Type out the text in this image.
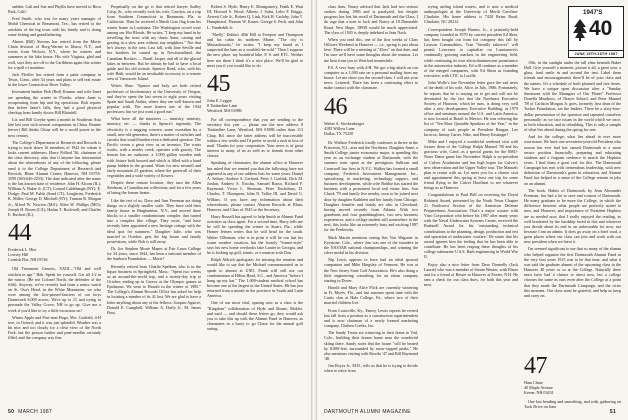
sadden. Cali and Sue and Phyllis have moved to Boca Park, Calif.

Fred Smith, who was for many years manager of Mobil Chemical in Beaumont, Tex., has retired to the outskirts of the big town with his family and is doing some fishing and grandfathering.

Almon (Bill) Stevens has retired from the Morse Chain division of Borg-Warner in Ithaca, N.Y., and writes from Wolcott, N.Y., where he winters and summers at his lake house. His wife Virginia, glad and well, says they are off to the Caribbean again this winter for a spell of sunshine.

Jack Pfeiffer has retired from a paint company in Texas, Conn., after 34 years and plans to sell real estate in the lower Connecticut River Valley.

Investment banker Bob (Red) Krumm and wife Janet are spending the winter in Florida, where Janet is recuperating from hip and leg operations. Bob reports that before Janet's falls, they had a good physical checkup from family doctor Bill Blaisdell.

Liz and Bill Greyke spent a month in Southeast Asia late last year with several companions in China. Bonnie (never) Bill thinks China will be a world power in the next century.

The College's Department of Research and Records is trying to track down 16 members of 1942 for whom it lacks current addresses. Harry Pollard '36, chairman of the class directory, asks that if anyone has information about the whereabouts of any of the following, please send it to the College Department of Research and Records, Blunt Alumni Center, Hanover, NH 03755-3590 (603-646-2253). The date indicated after the name is the last known state of residence: John H. Alcorn (IL); William A. Baker Jr. (CT); Conrad Cablebaugh (NY); E. Dodge; Paul M. Fulda (Send CT); Lougbrim; Frederick K. Miller; George D. Mitchell (NY); Truman R. Morgan Jr.; Alfred W. Newton (MA); Allen W. Phillips (MO); Joseph H. Rosen (CA); Harlan T. Rockwell; and Charles E. Ruckert (IL).

44
Frederick L. Hier
Lowsey Hill
Cornish Flat, NH 03746

Old Testament Genesis, XXIII—"Old and well stricken in age." Hah. Speak for yourself. Get all 1-2 in the mirror. (Be not Colonel North, the defender of the fifth). Anyway, we've recently had from a senior watch on St. Osa's Head, in the White Mountains, we who were among the first-passed-fanciers of our boys Dartmouth 6,000 across. We're up to 21 and trying to persuade the Valley Grove, NH to go up. Give me a week if you'd like to try a little excursion on!

Winter Apple and Post-neat Hugo, Mrs. Garfield, 4-H tree, in Oxford; and it was just splendid. Weather was a bit nice and too cloudy for a clear view of the North Fork, but the person further and pine-needles certainly filled, and the company was fine.

Perpetually on the go is that retired lawyer Sadley Crisp, Sr., who recently took his wife, Carolyn, on a trip from Southern Connecticut to Beaumont, Fla. to California. Then he received a Mardi Gras flag from his winter home in Louisiana. The Washington crowd were among our Hot Bloods. He writes, "I keep my hand in by travelling the trout with my chum Anne, casting and grazing in a slow area without any neighbors." Not that he's always in the area. Last fall, with Jane Seville and her brothers he turned up in Newfoundland, the Canadian Rockies — Banff, Jasper, and all of the glacial lakes in between. But he admits he had to have a local guide and his old roomie, Spencer Read, who, with his wife Beth, would be an invaluable accessory to a remote area of Vancouver Island.

Writes Shae: "Spence and Judy are both retired professors of biochemistry at the University of Oregon, and they've spent the last seven to eight years visiting Spain and Saudi Arabia, where they are well-known and popular with. The more honest one of the 1944 professors; but we just want a good run."

What have all the ministers — ministry, ministry, ministry, etc. — thanks to Spence's ingenuity. The electricity is a nagging concern, some overtaken by a small, new-old generator, there's a matter of switches and circuits that would burden even a dedicated operator. The Pacific ocean a great view as an inventor. The water works, with a nearby creek, operates with gravity. The houses has an outhouse; a 3,000 gallon wooden tank with fixture both housed and which is filled with a hand pump hidden in the ground. Water for new sawmill and fairly mountain 25 gardens, where the green-all of their vegetables and a wide variety of flowers.

Despite these remote location, they turn the Allen Steelman, a Canadian ant collections, and for a few years of being the former heater.

Like the rest of us, Dave and Ann Freeman are doing things on a slightly smaller scale. They have sold their family house in Binghamton, N.Y., and moved three blocks to a smaller condominium complex that turned into a complex like village. They write, "and have recently been appointed a new heritage cottage with the ideal spot for summers." Daughter Julie, who was married in October, gets the big house and family possessions, while Bob is still away.

Dr. Joe Stephen Morie Mapes at Fair Lawn College for 34 years, since 1944, has been a national member of the Sanborn Foundation — Morie?

Recently retired from Charlie Spelbun, who is in the liquor business in Springfield, Mass.: "Spent two weeks as an around-the-world trip, and a twenty-day trip to October, ending up in Greece at the Olympic games at Epidaurus. We went to Hawaii in the winter of 1985." The College's Alumni Records Office has asked for help in locating a number of its 41 lost. We are glad to have a letter anything about any of the fellows: Joaquin Aguirre, Donald E. Campbell, William A. Duffy Jr., M. James Finn,

Robert S. Hyde, Henry E. Montgomery, Frank E. Watt III, Howard S. Wood, Alberto J. Salas, Lelio F. Briggs, Averett Cole Jr., Robert Q. Link, Kirk H. Carloby, John T. Humphrard, Thomas W. Kaiser, George S. Peck, and John L. Vanderbilt Jr.

"Shelly" Dubin's 40th Hill at Freeport and Thompson and his cabin its northern Maine. "The city is Massachusetts," he writes. "I keep my brand as I suspected the ham as a wouldn't-be-sold." Then I suppose the new place, my beautiful lake, P. S. and ETC. Neither here nor there I think it's a nice place. We'll be glad to meet you if you would like to do.

45
John E. Leggat
8 Timberline Lane
Westford, MA 01886

For all correspondence that you are sending to the secretary this year — please use the new address 8 Timberline Lane, Westford, MA 01886 rather than 113 Chap. Rd. since the latter address will be inaccessible within a few weeks and I'd prefer to avoid a rush in loss of mail. Thanks for your cooperation. Your news is of great interest to many of us as well as to friends from other classes.

Speaking of classmates, the alumni office at Hanover has asked that we remind you that the following have not appeared in any of our address lists for some years: Daniel A. Seltzer, Andrew S. Gerhard, Peter J. Garfink, Dick M. Jordan, Andrew S. Nicolas, Samuel Russo, Richard F. Raymond, Victor L. Sherman, Peter Tewksbury, D. Charles, T. Thompson, John N. Talley III, and David G. Wilkins. If you have any information about their whereabouts, please contact Alumni Records at Blunt, Hanover, and Class of 1945 or the Secretary.

Harry Russell has agreed to help Smith in Alumni Fund activities as class agent. For a second time, Harry tells me he will be spending the winter in Stuart, Fla., while Homer Jensen writes that he will head for the south. Walter Ollerman, who is in print it will be our last his warm weather vacation, but the loosely "Sunset-style" says his new home overlooks lake Lanier in Georgia, and he is looking up golf, tennis, or a reunion with Don.

Ralph Aldrich apologizes for missing the reunion and would like to say that the Michael commemorated us to speak to alumni at UNO. Frank will still use our condominium at Hilton Head, S.C., and America "before I hang up my hat." The 1,000-student medical school has become one of the largest in the United States. He has just returned from a month in the province in South and Latin America.

One of our most vital, sparing now as a class is the "Kingdom" collaboration of Hyde and Sloane, Mokler, and mail — and should these letters go, they would ask you to take this up with the Alumni Fund in Hanover, as classmates in a hurry to go Chase for the annual golf outing.

50 MARCH 1987

class dues, Nancy advised that Jack had two serious strokes during 1986 and is paralyzed, but despite progress has lost his recall of Dartmouth and the Class. I do urge that a note to Jack and Nancy at 18 Dunstable Road, New Hope, 18938 would be much appreciated. The class of 1945 is deeply indebted to Jean Nash.

When you read this, one of the first weeks of Class Officers Weekend in Hanover — i.e., spring is just about here. There will be a meeting of "45ers" on that date, and I'm sure we'll have some thoughts about the reunion. Let me hear from you in Westford meanwhile.

P.S. A very busy with 4-H. We got a big attack on our computer so a 1,000 rate on a personal mailing from my house. Let me show you the second-class. I will use your news. Lettered: There has been a continuing effort to make contact with the classmate.

46
Walter A. Stockenberger
4185 Willow Lane
Dallas, TX 75230

Dr. Wallace Frederick fondly confesses to thrive in the Princeton, N.J., area and the Northeast. Daughter Anne, a Smith College junior economics major, is spending this year as an exchange student at Dartmouth, with the summer term spent at the prestigious Sullivan and Cromwell law firm in N.Y.C. Walker has formed a small company, Frederick Investment Management, Inc., specializing in marketing, technology support, and business development, while wife Bobbie has started the business with a prominent local real estate firm. Son Chuck '79 and family live nearby, soon to be joined next door by daughter Kathleen and her family from Chicago. Daughter Jennifer and family are also in Cleveland, having moved recently from Atlanta. With two grandsons and four granddaughters, two new business experiences, and a college student still somewhere in the nest, this looks like an extremely busy and exciting 1987 for the Fredericks.

Mark Martin mentions seeing Jim Von Wagoner in Keystone, Colo., where Jim was one of the founders in the NASTAR national championships, and winning the silver medal in his division.

Nip Lewis appears to have had an ideal spousal companion and Mike Hingsley of Vermont. He was at the New Jersey State Golf Association. He's also doing a little engineering consulting for an alarm company starting in Dover.

Harold and Mary Alice Flick are currently wintering in Ft. Myers, Fla., and last summer spent time with the Curtis clan at Hale College, Pa., where two of their married children live.

From Louisville, Ky., Emery Lewis reports he retired last fall from a position as a construction superintendent and is now chairman of a newly formed marketing company, Chelsea Creeks, Inc.

The Sandy Treats are wintering in their home in Vail, Colo., building their dream home near the wonderful skiing there. Sandy notes that the house "will be heated by 8,000-feet, surrounded by snow-capped peaks." He also mentions visiting with Brooks '47 and Bill Raymond '48.

Jim Boyes Jr., M.D., tells us that he is trying to decide when to retire from

trying sailing island waters, and is now a medical anthropologist at the University of Morth Carolina-Charlotte. His home address is 7420 Reins Road, Charlotte, NC 28212.

Correspondent Joseph Barnes, Jr., a primarily-held company founded in 1979 by current president Ed Shea, has been bought out from his company this fall by Lawson Commodities. Tom "literally takeover" will permit Lawrence to capitalize on Lumionorio's continually growing markets in the engineering field, while continuing its own electroluminescent prominence in the automotive industry. Ed will continue as a member of the merged companies, with Ed Sheat as founding executive, with LTIC to Lucille.

John Wolfe's late November letter gave the sad news of the death of his wife, Alice, in July, 1986. Fortunately, he reports that he is staying on to get and will not be devastated by the fact that the Northeast Executive Society of Houston, which he runs, is doing very well after a new development; Executive Building, at 1979 office and seminars around the U.S. and Latin America, is now located at Brazil to Mexico. He was referring the list of "Ten Most Quotable Speakers of the Year," in the company of such people as President Reagan, Lee Iacocca, Jimmy Carter, Nike, and Henry Kissinger!

Mike and I enjoyed a wonderful weekend visit with former dean of the College Ralph Manuel '58 and his gracious wife, Carol, as a special guests for the SMU-Notre Dame game last November. Ralph is no-president of Culver Academies and has high hopes for Culver's new observation and the Upper Valley tour. The Manuels plan to return with us. Let meet you for a chance visit and appointment this spring at least one trip for some friend flying to the Culver Hoofbeat to see whatever brings us to Hanover.

Congratulations to Paul Bell on receiving the Doyal Robinett Award, presented by the North Texas Chapter 21 Northwest Section of the American Defense Preparedness Association. That's a major scouter with Vitro Corporation who before his 1987 after many years with the Naval Underwater Systems Center, received the Bushnell Award for his 'outstanding technical contributions to the planning, design, production and test and operation of underwater warfare.' He states that his award ignores him the feeling that he has been able to contribute. He has been reaping these thoughts of his college submarine U.S.S. Barb engineering in World War II.

Enjoy also a nice letter from Dave Donnelly (Jack Laurie) who was a member of Steam Wouter, with Elmer and for a friend of Bessie in Hanover at Exeter, N.H. He sent a check for our class dues, for both this year and next.

15th, in the sunlight under the tall elms beneath Baker Hall. Give yourself a moment, picture it all, a great year, a glass, fond smile in and around the tent. Label them friends and encouragements there'll be of your class and the names. It's a schedule of both planned and free times. We have a unique open discussion after a "Sunday Summons with the Managers of Our Planet" Professor Donella Meadows, of Thayer School, and Peter Manuel '59 of Carlston Morgan Jr. goes, formerly first dean of the Tucker Foundation, are the leaders. There be a sixty-four-dollar presentation of the question and repeated ourselves personally: as we face issues in the world which we once, in both education, and in rebuilding. This is only a sample of what lies ahead during the spring for one.

And for the college, what lies ahead in ever more worrisome. We have one seventeen-year-old President who reason has ever had has caused Dartmouth to a more secure position financially, preparing and educating students and a fragrant credence to match the Hopkins years. I find them a great real for this. The Dartmouth Campaign has met with tremendous leadership, with new definition of Dartmouth's gains in education, and Alumni Fund has helped in a sense of the College remain in jobs on an alumni.

The book, Habits of Dartmouth, by Jean Alexander Freeman, has had a lot to save and women of Dartmouth. He many graduate to be more the College, in which the difference between what people are perfectly suited to now, and Hanover, and importance of President Hopkins are so needed now, that I really enjoyed the reading, as well bracketed by the hardship faced in this and whatever you decide about its end in an unfavorable for now, not because I am an admin. It does go away on a brief road, a great places where our class can join and work with our new president when we leave it.

I'm seemed significant to me that so many of the alumni who helped organize the first Dartmouth Alumni Fund in the very first years 1915 was to be that time, and what it was said the graduate alumni of the upcoming class in the Hanover 40 years or so at the College. Naturally there must have had a chance to attest now, but a college chooses the same as ours even after the College at a point that they made the Dartmouth Campaign, and the cities this moment. Our class must be grateful, and help us keep and carry on.

1947'S
40
JUNE 15TH-18TH 1987
47
Ham Chase
40 Maple Avenue
Keene, NH 03431

One last bending and smoothing, and with, gathering on Tuck Drive on June

DARTMOUTH ALUMNI MAGAZINE	51
